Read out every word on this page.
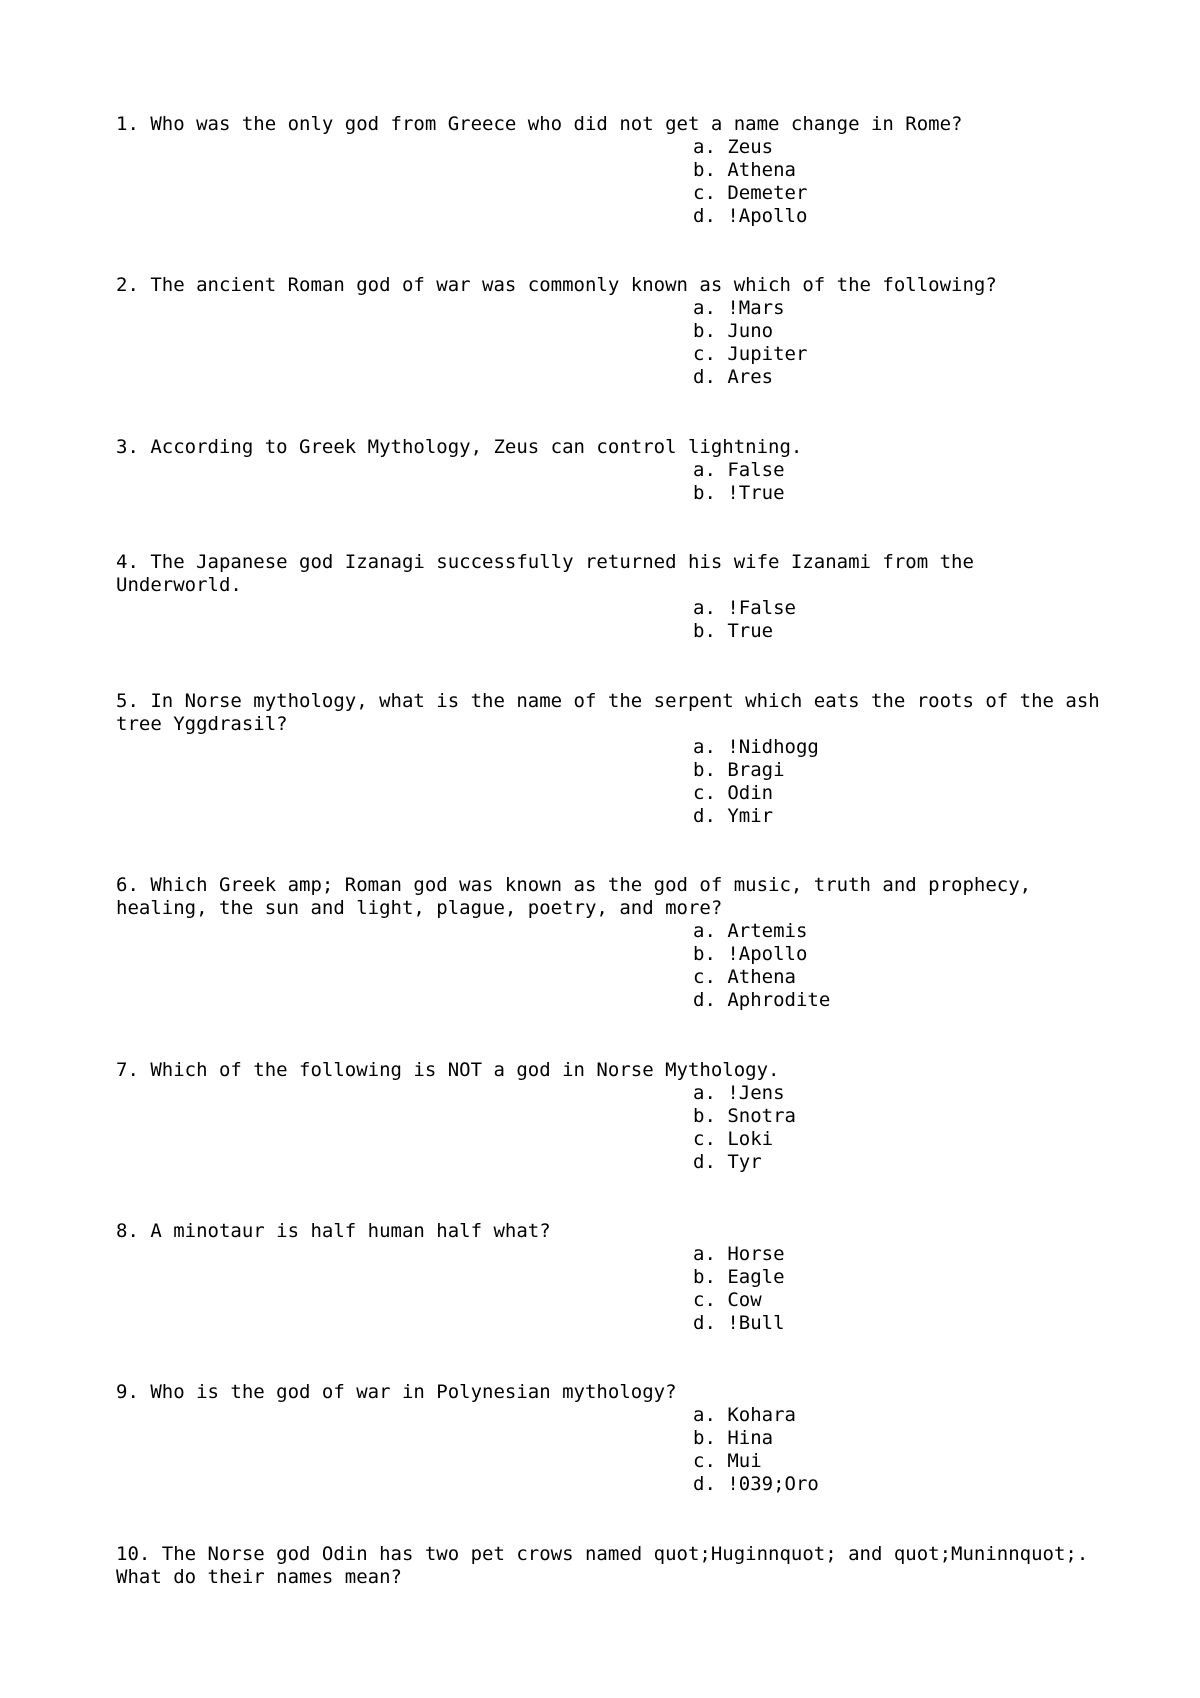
1. Who was the only god from Greece who did not get a name change in Rome?

a. Zeus
b. Athena
c. Demeter
d. !Apollo

2. The ancient Roman god of war was commonly known as which of the following?

a. !Mars
b. Juno
c. Jupiter
d. Ares

3. According to Greek Mythology, Zeus can control lightning.

a. False
b. !True

4. The Japanese god Izanagi successfully returned his wife Izanami from the Underworld.

a. !False
b. True

5. In Norse mythology, what is the name of the serpent which eats the roots of the ash tree Yggdrasil?

a. !Nidhogg
b. Bragi
c. Odin
d. Ymir

6. Which Greek amp; Roman god was known as the god of music, truth and prophecy, healing, the sun and light, plague, poetry, and more?

a. Artemis
b. !Apollo
c. Athena
d. Aphrodite

7. Which of the following is NOT a god in Norse Mythology.

a. !Jens
b. Snotra
c. Loki
d. Tyr

8. A minotaur is half human half what?

a. Horse
b. Eagle
c. Cow
d. !Bull

9. Who is the god of war in Polynesian mythology?

a. Kohara
b. Hina
c. Mui
d. !039;Oro

10. The Norse god Odin has two pet crows named quot;Huginnquot; and quot;Muninnquot;.  What do their names mean?
